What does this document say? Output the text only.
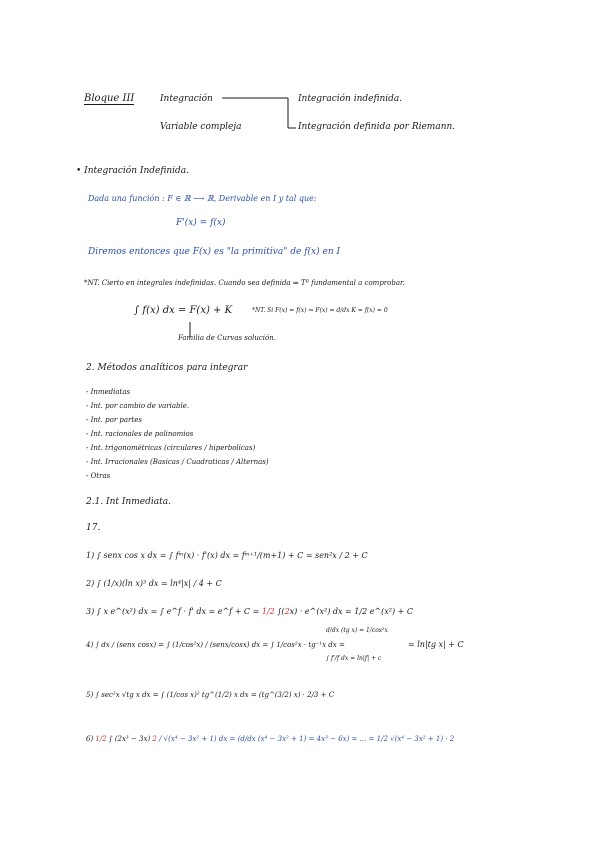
Bloque III	Integración
Variable compleja
Integración indefinida.
Integración definida por Riemann.
• Integración Indefinida.
Dada una función : F ∈ ℝ ⟶ ℝ, Derivable en I y tal que:
F'(x) = f(x)
Diremos entonces que F(x) es "la primitiva" de f(x) en I
*NT. Cierto en integrales indefinidas. Cuando sea definida ⇒ Tª fundamental a comprobar.
∫ f(x) dx = F(x) + K	*NT. Si F(x) = f(x) ⇒ F(x) = d/dx K = f(x) = 0
Familia de Curvas solución.
2. Métodos analíticos para integrar
- Inmediatas
- Int. por cambio de variable.
- Int. por partes
- Int. racionales de polinomios
- Int. trigonométricas (circulares / hiperbolicas)
- Int. Irracionales (Basicas / Cuadraticas / Alternas)
- Otras
2.1. Int Inmediata.
17.
1) ∫ senx cos x dx = ∫ fᵐ(x) · f'(x) dx = fᵐ⁺¹/(m+1) + C = sen²x / 2 + C
2) ∫ (1/x)(ln x)³ dx = ln⁴|x| / 4 + C
3) ∫ x e^(x²) dx = ∫ e^f · f' dx = e^f + C = 1/2 ∫(2x) · e^(x²) dx = 1/2 e^(x²) + C
4) ∫ dx / (senx cosx) = ∫ (1/cos²x) / (senx/cosx) dx = ∫ 1/cos²x · tg⁻¹x dx =
d/dx (tg x) = 1/cos²x
∫ f'/f dx = ln|f| + c
= ln|tg x| + C
5) ∫ sec²x √tg x dx = ∫ (1/cos x)² tg^(1/2) x dx = (tg^(3/2) x) · 2/3 + C
6) 1/2 ∫ (2x³ − 3x) 2 / √(x⁴ − 3x² + 1) dx = (d/dx (x⁴ − 3x² + 1) = 4x³ − 6x) = ... = 1/2 √(x⁴ − 3x² + 1) · 2
